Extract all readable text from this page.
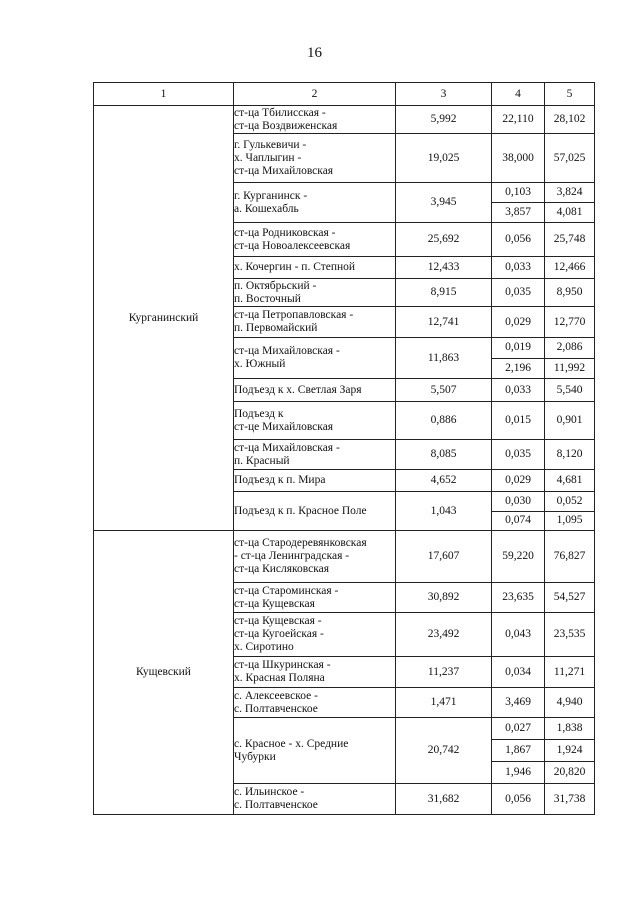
16
1	2	3	4	5
Курганинский	ст-ца Тбилисская -
ст-ца Воздвиженская	5,992	22,110	28,102

	г. Гулькевичи -
х. Чаплыгин -
ст-ца Михайловская	19,025	38,000	57,025

	г. Курганинск -
а. Кошехабль	3,945	0,103	3,824
			3,857	4,081

	ст-ца Родниковская -
ст-ца Новоалексеевская	25,692	0,056	25,748

	х. Кочергин - п. Степной	12,433	0,033	12,466

	п. Октябрьский -
п. Восточный	8,915	0,035	8,950

	ст-ца Петропавловская -
п. Первомайский	12,741	0,029	12,770

	ст-ца Михайловская -
х. Южный	11,863	0,019	2,086
			2,196	11,992

	Подъезд к х. Светлая Заря	5,507	0,033	5,540

	Подъезд к
ст-це Михайловская	0,886	0,015	0,901

	ст-ца Михайловская -
п. Красный	8,085	0,035	8,120

	Подъезд к п. Мира	4,652	0,029	4,681

	Подъезд к п. Красное Поле	1,043	0,030	0,052
			0,074	1,095
Кущевский	ст-ца Стародеревянковская
- ст-ца Ленинградская -
ст-ца Кисляковская	17,607	59,220	76,827

	ст-ца Староминская -
ст-ца Кущевская	30,892	23,635	54,527

	ст-ца Кущевская -
ст-ца Кугоейская -
х. Сиротино	23,492	0,043	23,535

	ст-ца Шкуринская -
х. Красная Поляна	11,237	0,034	11,271

	с. Алексеевское -
с. Полтавченское	1,471	3,469	4,940

	с. Красное - х. Средние
Чубурки	20,742	0,027	1,838
			1,867	1,924
			1,946	20,820

	с. Ильинское -
с. Полтавченское	31,682	0,056	31,738
